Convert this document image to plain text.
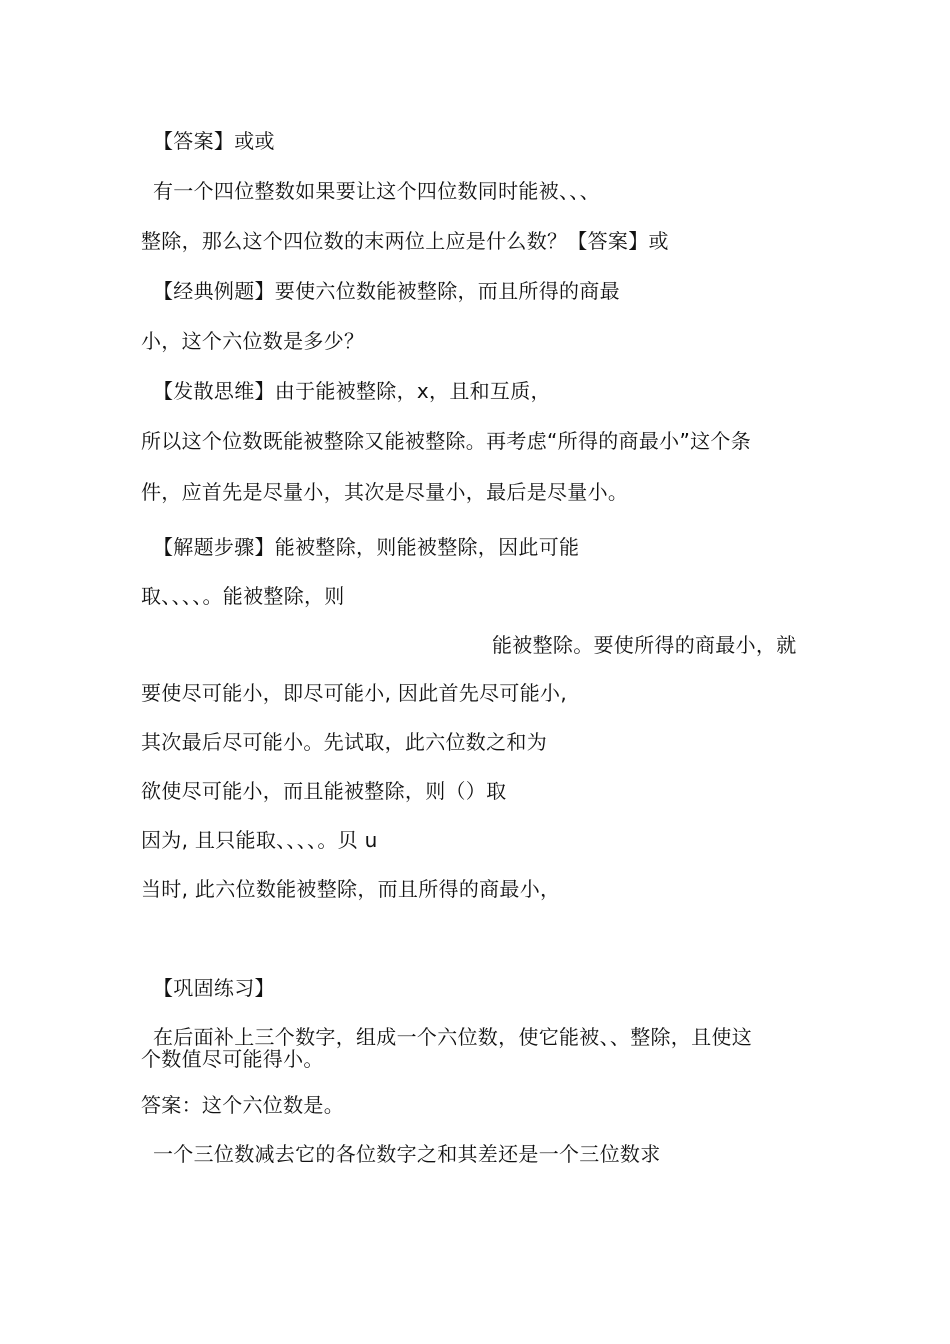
【答案】或或
有一个四位整数如果要让这个四位数同时能被、、、
整除，那么这个四位数的末两位上应是什么数？【答案】或
【经典例题】要使六位数能被整除，而且所得的商最
小，这个六位数是多少？
【发散思维】由于能被整除，x，且和互质，
所以这个位数既能被整除又能被整除。再考虑“所得的商最小”这个条
件，应首先是尽量小，其次是尽量小，最后是尽量小。
【解题步骤】能被整除，则能被整除，因此可能
取、、、、。能被整除，则
能被整除。要使所得的商最小，就
要使尽可能小，即尽可能小, 因此首先尽可能小,
其次最后尽可能小。先试取，此六位数之和为
欲使尽可能小，而且能被整除，则（）取
因为, 且只能取、、、、。贝 u
当时, 此六位数能被整除，而且所得的商最小，
【巩固练习】
在后面补上三个数字，组成一个六位数，使它能被、、整除，且使这
个数值尽可能得小。
答案：这个六位数是。
一个三位数减去它的各位数字之和其差还是一个三位数求
